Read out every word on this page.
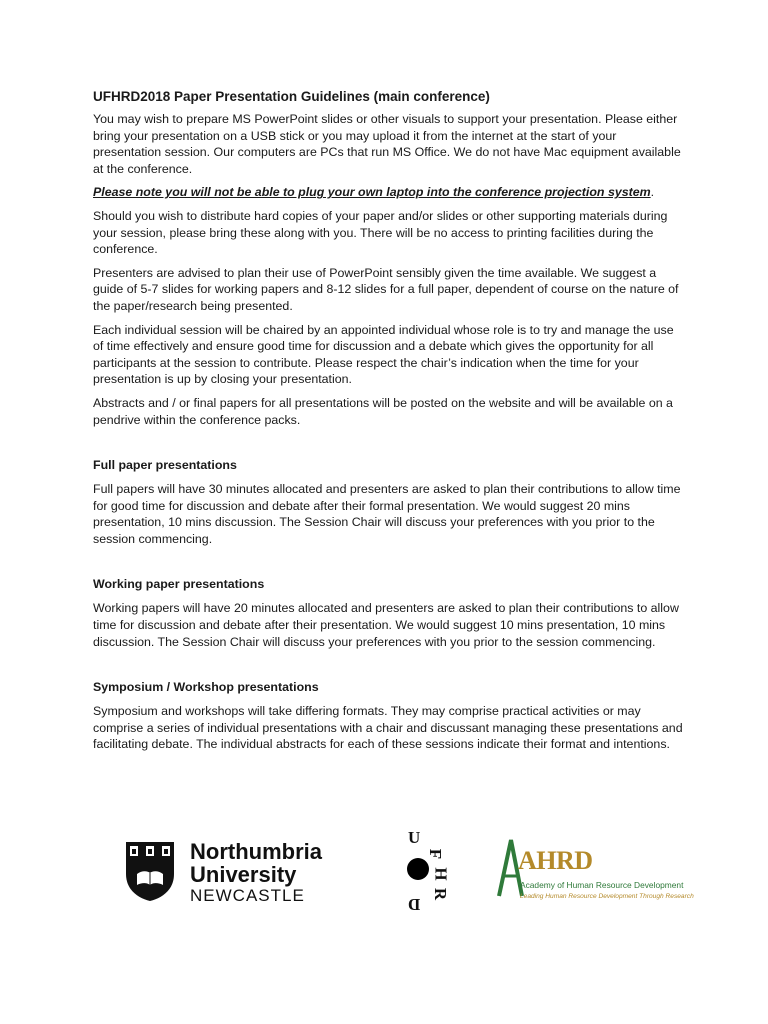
UFHRD2018 Paper Presentation Guidelines (main conference)

You may wish to prepare MS PowerPoint slides or other visuals to support your presentation. Please either bring your presentation on a USB stick or you may upload it from the internet at the start of your presentation session. Our computers are PCs that run MS Office. We do not have Mac equipment available at the conference.

Please note you will not be able to plug your own laptop into the conference projection system.

Should you wish to distribute hard copies of your paper and/or slides or other supporting materials during your session, please bring these along with you. There will be no access to printing facilities during the conference.

Presenters are advised to plan their use of PowerPoint sensibly given the time available. We suggest a guide of 5-7 slides for working papers and 8-12 slides for a full paper, dependent of course on the nature of the paper/research being presented.

Each individual session will be chaired by an appointed individual whose role is to try and manage the use of time effectively and ensure good time for discussion and a debate which gives the opportunity for all participants at the session to contribute. Please respect the chair’s indication when the time for your presentation is up by closing your presentation.

Abstracts and / or final papers for all presentations will be posted on the website and will be available on a pendrive within the conference packs.

Full paper presentations

Full papers will have 30 minutes allocated and presenters are asked to plan their contributions to allow time for good time for discussion and debate after their formal presentation. We would suggest 20 mins presentation, 10 mins discussion. The Session Chair will discuss your preferences with you prior to the session commencing.

Working paper presentations

Working papers will have 20 minutes allocated and presenters are asked to plan their contributions to allow time for discussion and debate after their presentation. We would suggest 10 mins presentation, 10 mins discussion. The Session Chair will discuss your preferences with you prior to the session commencing.

Symposium / Workshop presentations

Symposium and workshops will take differing formats. They may comprise practical activities or may comprise a series of individual presentations with a chair and discussant managing these presentations and facilitating debate. The individual abstracts for each of these sessions indicate their format and intentions.

Northumbria
University
NEWCASTLE
U
F
H
R
D
AHRD
Academy of Human Resource Development
Leading Human Resource Development Through Research
